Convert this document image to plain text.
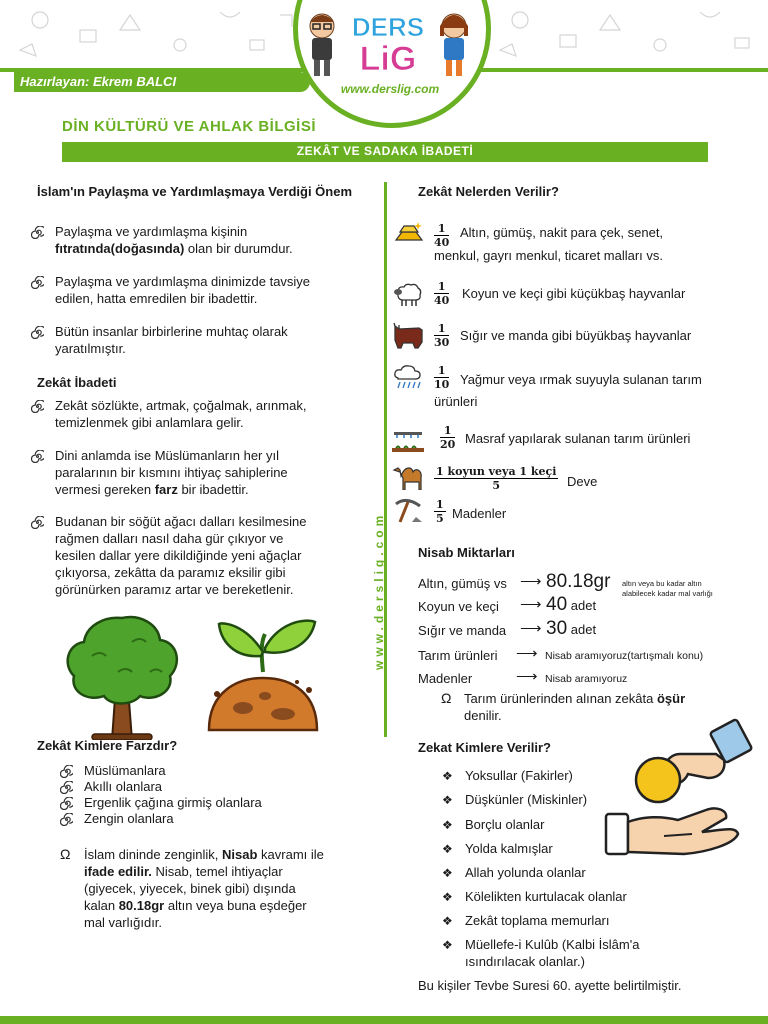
Hazırlayan: Ekrem BALCI
DERS
LiG
www.derslig.com
DİN KÜLTÜRÜ VE AHLAK BİLGİSİ
ZEKÂT VE SADAKA İBADETİ
www.derslig.com
İslam'ın Paylaşma ve Yardımlaşmaya Verdiği Önem
Paylaşma ve yardımlaşma kişinin
fıtratında(doğasında) olan bir durumdur.
Paylaşma ve yardımlaşma dinimizde tavsiye
edilen, hatta emredilen bir ibadettir.
Bütün insanlar birbirlerine muhtaç olarak
yaratılmıştır.
Zekât İbadeti
Zekât sözlükte, artmak, çoğalmak, arınmak,
temizlenmek gibi anlamlara gelir.
Dini anlamda ise Müslümanların her yıl
paralarının bir kısmını ihtiyaç sahiplerine
vermesi gereken farz bir ibadettir.
Budanan bir söğüt ağacı dalları kesilmesine
rağmen dalları nasıl daha gür çıkıyor ve
kesilen dallar yere dikildiğinde yeni ağaçlar
çıkıyorsa, zekâtta da paramız eksilir gibi
görünürken paramız artar ve bereketlenir.
Zekât Kimlere Farzdır?
Müslümanlara
Akıllı olanlara
Ergenlik çağına girmiş olanlara
Zengin olanlara
Ω İslam dininde zenginlik, Nisab kavramı ile
ifade edilir. Nisab, temel ihtiyaçlar
(giyecek, yiyecek, binek gibi) dışında
kalan 80.18gr altın veya buna eşdeğer
mal varlığıdır.
Zekât Nelerden Verilir?
$\frac{1}{40}$ Altın, gümüş, nakit para çek, senet,
menkul, gayrı menkul, ticaret malları vs.
$\frac{1}{40}$ Koyun ve keçi gibi küçükbaş hayvanlar
$\frac{1}{30}$ Sığır ve manda gibi büyükbaş hayvanlar
$\frac{1}{10}$ Yağmur veya ırmak suyuyla sulanan tarım
ürünleri
$\frac{1}{20}$ Masraf yapılarak sulanan tarım ürünleri
1 koyun veya 1 keçi
5	Deve
$\frac{1}{5}$ Madenler
Nisab Miktarları
Altın, gümüş vs ⟶ 80.18gr altın veya bu kadar altın
alabilecek kadar mal varlığı
Koyun ve keçi ⟶ 40 adet
Sığır ve manda ⟶ 30 adet
Tarım ürünleri ⟶ Nisab aramıyoruz(tartışmalı konu)
Madenler	⟶ Nisab aramıyoruz
Ω Tarım ürünlerinden alınan zekâta öşür
denilir.
Zekat Kimlere Verilir?
❖ Yoksullar (Fakirler)
❖ Düşkünler (Miskinler)
❖ Borçlu olanlar
❖ Yolda kalmışlar
❖ Allah yolunda olanlar
❖ Kölelikten kurtulacak olanlar
❖ Zekât toplama memurları
❖ Müellefe-i Kulûb (Kalbi İslâm'a
ısındırılacak olanlar.)
Bu kişiler Tevbe Suresi 60. ayette belirtilmiştir.
